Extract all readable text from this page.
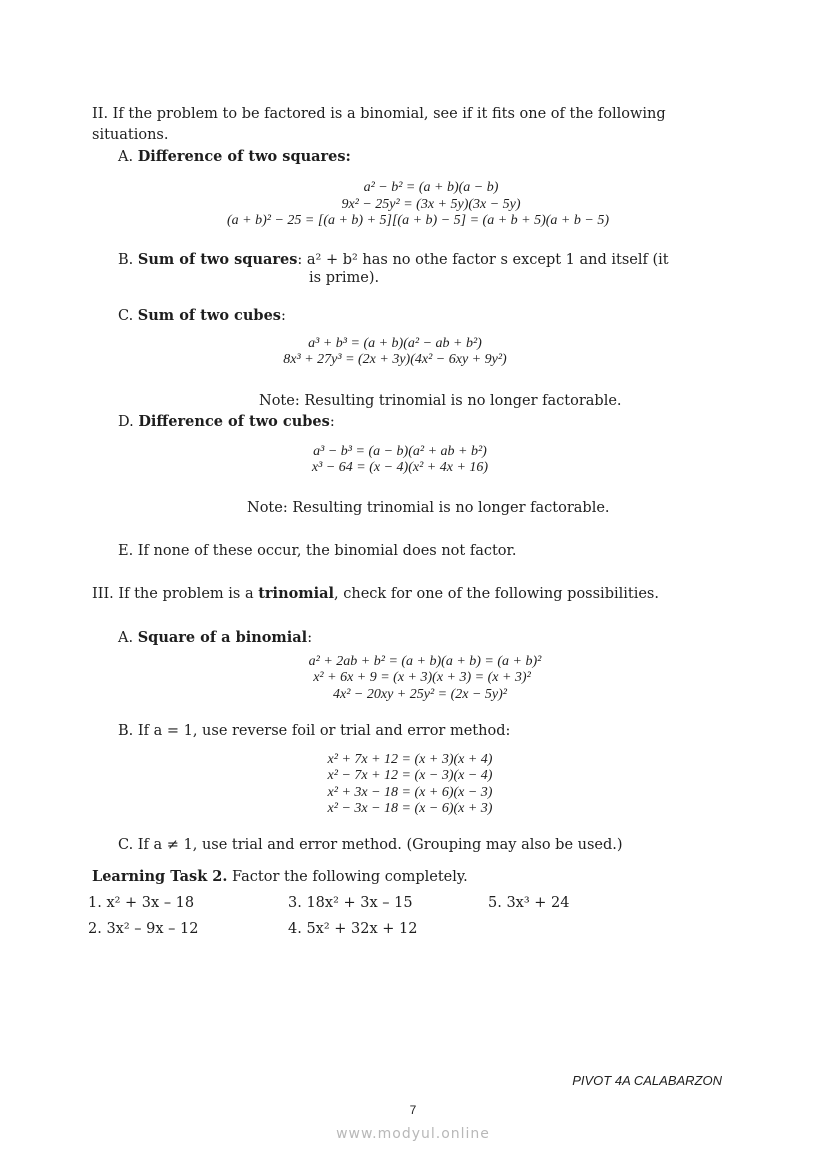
II. If the problem to be factored is a binomial, see if it fits one of the following
situations.
A. Difference of two squares:
a² − b² = (a + b)(a − b)
9x² − 25y² = (3x + 5y)(3x − 5y)
(a + b)² − 25 = [(a + b) + 5][(a + b) − 5] = (a + b + 5)(a + b − 5)
B. Sum of two squares: a² + b² has no othe factor s except 1 and itself (it
is prime).
C. Sum of two cubes:
a³ + b³ = (a + b)(a² − ab + b²)
8x³ + 27y³ = (2x + 3y)(4x² − 6xy + 9y²)
Note: Resulting trinomial is no longer factorable.
D. Difference of two cubes:
a³ − b³ = (a − b)(a² + ab + b²)
x³ − 64 = (x − 4)(x² + 4x + 16)
Note: Resulting trinomial is no longer factorable.
E. If none of these occur, the binomial does not factor.
III. If the problem is a trinomial, check for one of the following possibilities.
A. Square of a binomial:
a² + 2ab + b² = (a + b)(a + b) = (a + b)²
x² + 6x + 9 = (x + 3)(x + 3) = (x + 3)²
4x² − 20xy + 25y² = (2x − 5y)²
B. If a = 1, use reverse foil or trial and error method:
x² + 7x + 12 = (x + 3)(x + 4)
x² − 7x + 12 = (x − 3)(x − 4)
x² + 3x − 18 = (x + 6)(x − 3)
x² − 3x − 18 = (x − 6)(x + 3)
C. If a ≠ 1, use trial and error method. (Grouping may also be used.)
Learning Task 2. Factor the following completely.
1. x² + 3x – 18
2. 3x² – 9x – 12
3. 18x² + 3x – 15
4. 5x² + 32x + 12
5. 3x³ + 24
PIVOT 4A CALABARZON
7
www.modyul.online
